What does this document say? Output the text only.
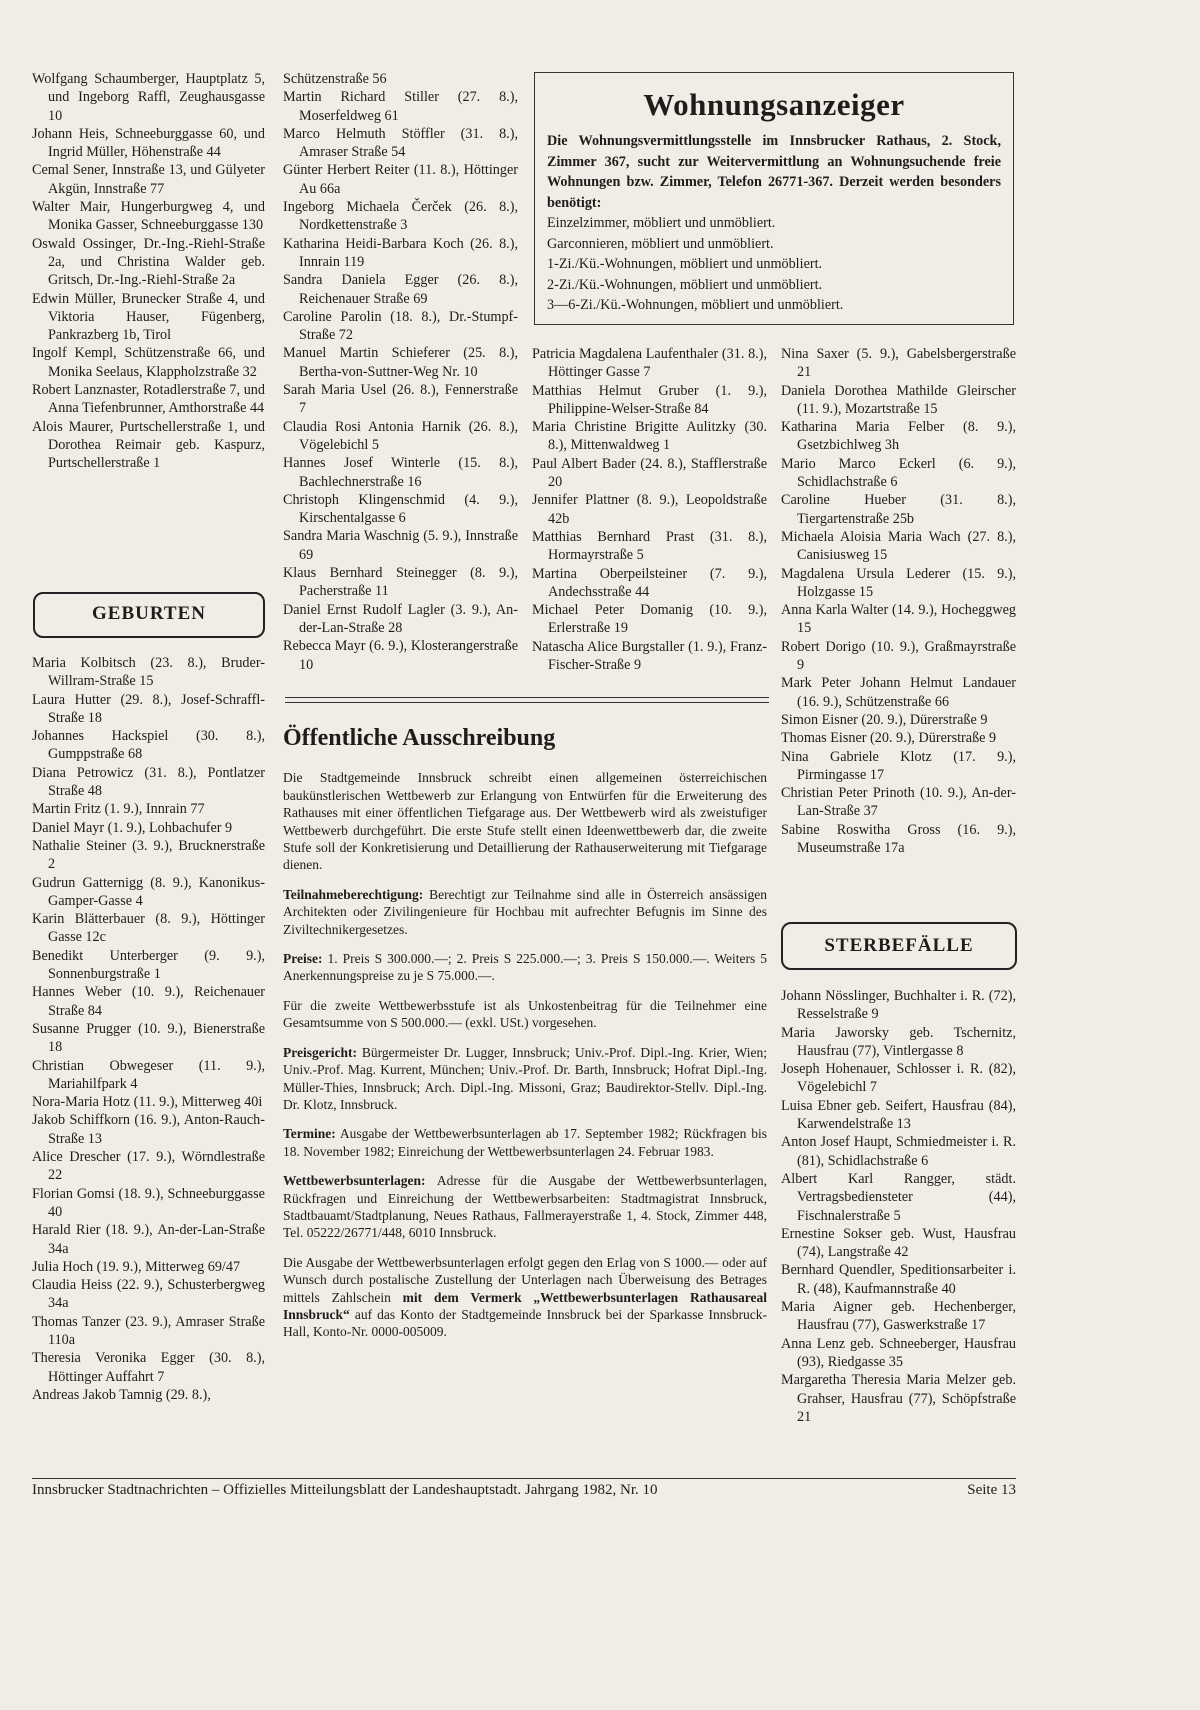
Wolfgang Schaumberger, Hauptplatz 5, und Ingeborg Raffl, Zeughausgasse 10

Johann Heis, Schneeburggasse 60, und Ingrid Müller, Höhenstraße 44

Cemal Sener, Innstraße 13, und Gülyeter Akgün, Innstraße 77

Walter Mair, Hungerburgweg 4, und Monika Gasser, Schneeburggasse 130

Oswald Ossinger, Dr.-Ing.-Riehl-Straße 2a, und Christina Walder geb. Gritsch, Dr.-Ing.-Riehl-Straße 2a

Edwin Müller, Brunecker Straße 4, und Viktoria Hauser, Fügenberg, Pankrazberg 1b, Tirol

Ingolf Kempl, Schützenstraße 66, und Monika Seelaus, Klappholzstraße 32

Robert Lanznaster, Rotadlerstraße 7, und Anna Tiefenbrunner, Amthorstraße 44

Alois Maurer, Purtschellerstraße 1, und Dorothea Reimair geb. Kaspurz, Purtschellerstraße 1

GEBURTEN

Maria Kolbitsch (23. 8.), Bruder-Willram-Straße 15

Laura Hutter (29. 8.), Josef-Schraffl-Straße 18

Johannes Hackspiel (30. 8.), Gumppstraße 68

Diana Petrowicz (31. 8.), Pontlatzer Straße 48

Martin Fritz (1. 9.), Innrain 77

Daniel Mayr (1. 9.), Lohbachufer 9

Nathalie Steiner (3. 9.), Brucknerstraße 2

Gudrun Gatternigg (8. 9.), Kanonikus-Gamper-Gasse 4

Karin Blätterbauer (8. 9.), Höttinger Gasse 12c

Benedikt Unterberger (9. 9.), Sonnenburgstraße 1

Hannes Weber (10. 9.), Reichenauer Straße 84

Susanne Prugger (10. 9.), Bienerstraße 18

Christian Obwegeser (11. 9.), Mariahilfpark 4

Nora-Maria Hotz (11. 9.), Mitterweg 40i

Jakob Schiffkorn (16. 9.), Anton-Rauch-Straße 13

Alice Drescher (17. 9.), Wörndlestraße 22

Florian Gomsi (18. 9.), Schneeburggasse 40

Harald Rier (18. 9.), An-der-Lan-Straße 34a

Julia Hoch (19. 9.), Mitterweg 69/47

Claudia Heiss (22. 9.), Schusterbergweg 34a

Thomas Tanzer (23. 9.), Amraser Straße 110a

Theresia Veronika Egger (30. 8.), Höttinger Auffahrt 7

Andreas Jakob Tamnig (29. 8.),

Schützenstraße 56

Martin Richard Stiller (27. 8.), Moserfeldweg 61

Marco Helmuth Stöffler (31. 8.), Amraser Straße 54

Günter Herbert Reiter (11. 8.), Höttinger Au 66a

Ingeborg Michaela Čerček (26. 8.), Nordkettenstraße 3

Katharina Heidi-Barbara Koch (26. 8.), Innrain 119

Sandra Daniela Egger (26. 8.), Reichenauer Straße 69

Caroline Parolin (18. 8.), Dr.-Stumpf-Straße 72

Manuel Martin Schieferer (25. 8.), Bertha-von-Suttner-Weg Nr. 10

Sarah Maria Usel (26. 8.), Fennerstraße 7

Claudia Rosi Antonia Harnik (26. 8.), Vögelebichl 5

Hannes Josef Winterle (15. 8.), Bachlechnerstraße 16

Christoph Klingenschmid (4. 9.), Kirschentalgasse 6

Sandra Maria Waschnig (5. 9.), Innstraße 69

Klaus Bernhard Steinegger (8. 9.), Pacherstraße 11

Daniel Ernst Rudolf Lagler (3. 9.), An-der-Lan-Straße 28

Rebecca Mayr (6. 9.), Klosterangerstraße 10

Wohnungsanzeiger

Die Wohnungsvermittlungsstelle im Innsbrucker Rathaus, 2. Stock, Zimmer 367, sucht zur Weitervermittlung an Wohnungsuchende freie Wohnungen bzw. Zimmer, Telefon 26771-367. Derzeit werden besonders benötigt:

Einzelzimmer, möbliert und unmöbliert.

Garconnieren, möbliert und unmöbliert.

1-Zi./Kü.-Wohnungen, möbliert und unmöbliert.

2-Zi./Kü.-Wohnungen, möbliert und unmöbliert.

3—6-Zi./Kü.-Wohnungen, möbliert und unmöbliert.

Patricia Magdalena Laufenthaler (31. 8.), Höttinger Gasse 7

Matthias Helmut Gruber (1. 9.), Philippine-Welser-Straße 84

Maria Christine Brigitte Aulitzky (30. 8.), Mittenwaldweg 1

Paul Albert Bader (24. 8.), Stafflerstraße 20

Jennifer Plattner (8. 9.), Leopoldstraße 42b

Matthias Bernhard Prast (31. 8.), Hormayrstraße 5

Martina Oberpeilsteiner (7. 9.), Andechsstraße 44

Michael Peter Domanig (10. 9.), Erlerstraße 19

Natascha Alice Burgstaller (1. 9.), Franz-Fischer-Straße 9

Nina Saxer (5. 9.), Gabelsbergerstraße 21

Daniela Dorothea Mathilde Gleirscher (11. 9.), Mozartstraße 15

Katharina Maria Felber (8. 9.), Gsetzbichlweg 3h

Mario Marco Eckerl (6. 9.), Schidlachstraße 6

Caroline Hueber (31. 8.), Tiergartenstraße 25b

Michaela Aloisia Maria Wach (27. 8.), Canisiusweg 15

Magdalena Ursula Lederer (15. 9.), Holzgasse 15

Anna Karla Walter (14. 9.), Hocheggweg 15

Robert Dorigo (10. 9.), Graßmayrstraße 9

Mark Peter Johann Helmut Landauer (16. 9.), Schützenstraße 66

Simon Eisner (20. 9.), Dürerstraße 9

Thomas Eisner (20. 9.), Dürerstraße 9

Nina Gabriele Klotz (17. 9.), Pirmingasse 17

Christian Peter Prinoth (10. 9.), An-der-Lan-Straße 37

Sabine Roswitha Gross (16. 9.), Museumstraße 17a

Öffentliche Ausschreibung

Die Stadtgemeinde Innsbruck schreibt einen allgemeinen österreichischen baukünstlerischen Wettbewerb zur Erlangung von Entwürfen für die Erweiterung des Rathauses mit einer öffentlichen Tiefgarage aus. Der Wettbewerb wird als zweistufiger Wettbewerb durchgeführt. Die erste Stufe stellt einen Ideenwettbewerb dar, die zweite Stufe soll der Konkretisierung und Detaillierung der Rathauserweiterung mit Tiefgarage dienen.

Teilnahmeberechtigung: Berechtigt zur Teilnahme sind alle in Österreich ansässigen Architekten oder Zivilingenieure für Hochbau mit aufrechter Befugnis im Sinne des Ziviltechnikergesetzes.

Preise: 1. Preis S 300.000.—; 2. Preis S 225.000.—; 3. Preis S 150.000.—. Weiters 5 Anerkennungspreise zu je S 75.000.—.

Für die zweite Wettbewerbsstufe ist als Unkostenbeitrag für die Teilnehmer eine Gesamtsumme von S 500.000.— (exkl. USt.) vorgesehen.

Preisgericht: Bürgermeister Dr. Lugger, Innsbruck; Univ.-Prof. Dipl.-Ing. Krier, Wien; Univ.-Prof. Mag. Kurrent, München; Univ.-Prof. Dr. Barth, Innsbruck; Hofrat Dipl.-Ing. Müller-Thies, Innsbruck; Arch. Dipl.-Ing. Missoni, Graz; Baudirektor-Stellv. Dipl.-Ing. Dr. Klotz, Innsbruck.

Termine: Ausgabe der Wettbewerbsunterlagen ab 17. September 1982; Rückfragen bis 18. November 1982; Einreichung der Wettbewerbsunterlagen 24. Februar 1983.

Wettbewerbsunterlagen: Adresse für die Ausgabe der Wettbewerbsunterlagen, Rückfragen und Einreichung der Wettbewerbsarbeiten: Stadtmagistrat Innsbruck, Stadtbauamt/Stadtplanung, Neues Rathaus, Fallmerayerstraße 1, 4. Stock, Zimmer 448, Tel. 05222/26771/448, 6010 Innsbruck.

Die Ausgabe der Wettbewerbsunterlagen erfolgt gegen den Erlag von S 1000.— oder auf Wunsch durch postalische Zustellung der Unterlagen nach Überweisung des Betrages mittels Zahlschein mit dem Vermerk „Wettbewerbsunterlagen Rathausareal Innsbruck“ auf das Konto der Stadtgemeinde Innsbruck bei der Sparkasse Innsbruck-Hall, Konto-Nr. 0000-005009.

STERBEFÄLLE

Johann Nösslinger, Buchhalter i. R. (72), Resselstraße 9

Maria Jaworsky geb. Tschernitz, Hausfrau (77), Vintlergasse 8

Joseph Hohenauer, Schlosser i. R. (82), Vögelebichl 7

Luisa Ebner geb. Seifert, Hausfrau (84), Karwendelstraße 13

Anton Josef Haupt, Schmiedmeister i. R. (81), Schidlachstraße 6

Albert Karl Rangger, städt. Vertragsbediensteter (44), Fischnalerstraße 5

Ernestine Sokser geb. Wust, Hausfrau (74), Langstraße 42

Bernhard Quendler, Speditionsarbeiter i. R. (48), Kaufmannstraße 40

Maria Aigner geb. Hechenberger, Hausfrau (77), Gaswerkstraße 17

Anna Lenz geb. Schneeberger, Hausfrau (93), Riedgasse 35

Margaretha Theresia Maria Melzer geb. Grahser, Hausfrau (77), Schöpfstraße 21

Innsbrucker Stadtnachrichten – Offizielles Mitteilungsblatt der Landeshauptstadt. Jahrgang 1982, Nr. 10	Seite 13
